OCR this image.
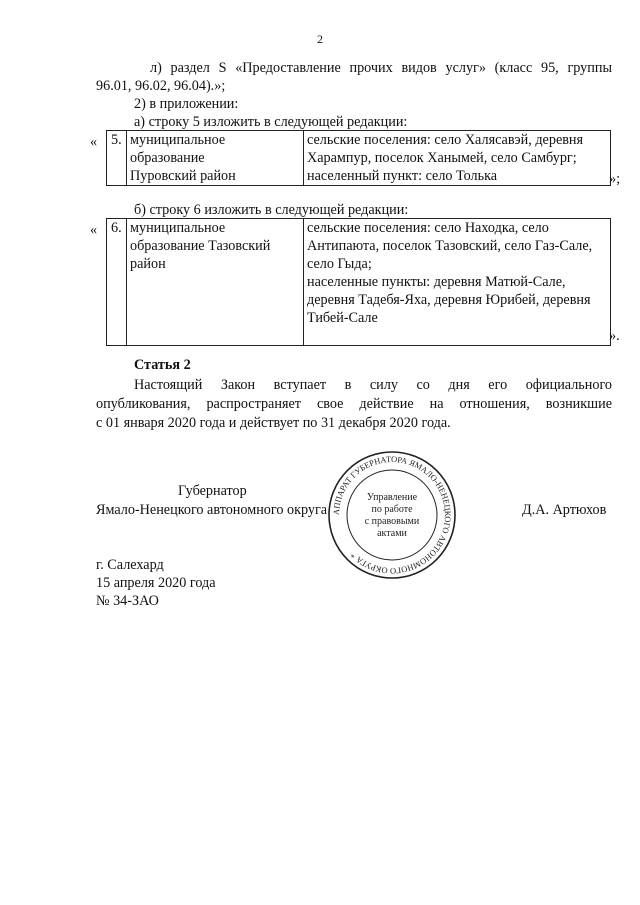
2
л) раздел S «Предоставление прочих видов услуг» (класс 95, группы
96.01, 96.02, 96.04).»;
2) в приложении:
а) строку 5 изложить в следующей редакции:
« 5.	муниципальное
образование
Пуровский район

сельские поселения: село Халясавэй, деревня
Харампур, поселок Ханымей, село Самбург;
населенный пункт: село Толька	»;
б) строку 6 изложить в следующей редакции:
« 6.	муниципальное
образование Тазовский
район

сельские поселения: село Находка, село
Антипаюта, поселок Тазовский, село Газ-Сале,
село Гыда;
населенные пункты: деревня Матюй-Сале,
деревня Тадебя-Яха, деревня Юрибей, деревня
Тибей-Сале
».
Статья 2
Настоящий Закон вступает в силу со дня его официального
опубликования, распространяет свое действие на отношения, возникшие
с 01 января 2020 года и действует по 31 декабря 2020 года.
Губернатор
Ямало-Ненецкого автономного округа	Д.А. Артюхов
АППАРАТ ГУБЕРНАТОРА ЯМАЛО-НЕНЕЦКОГО АВТОНОМНОГО ОКРУГА *
Управление
по работе
с правовыми
актами
г. Салехард
15 апреля 2020 года
№ 34-ЗАО
